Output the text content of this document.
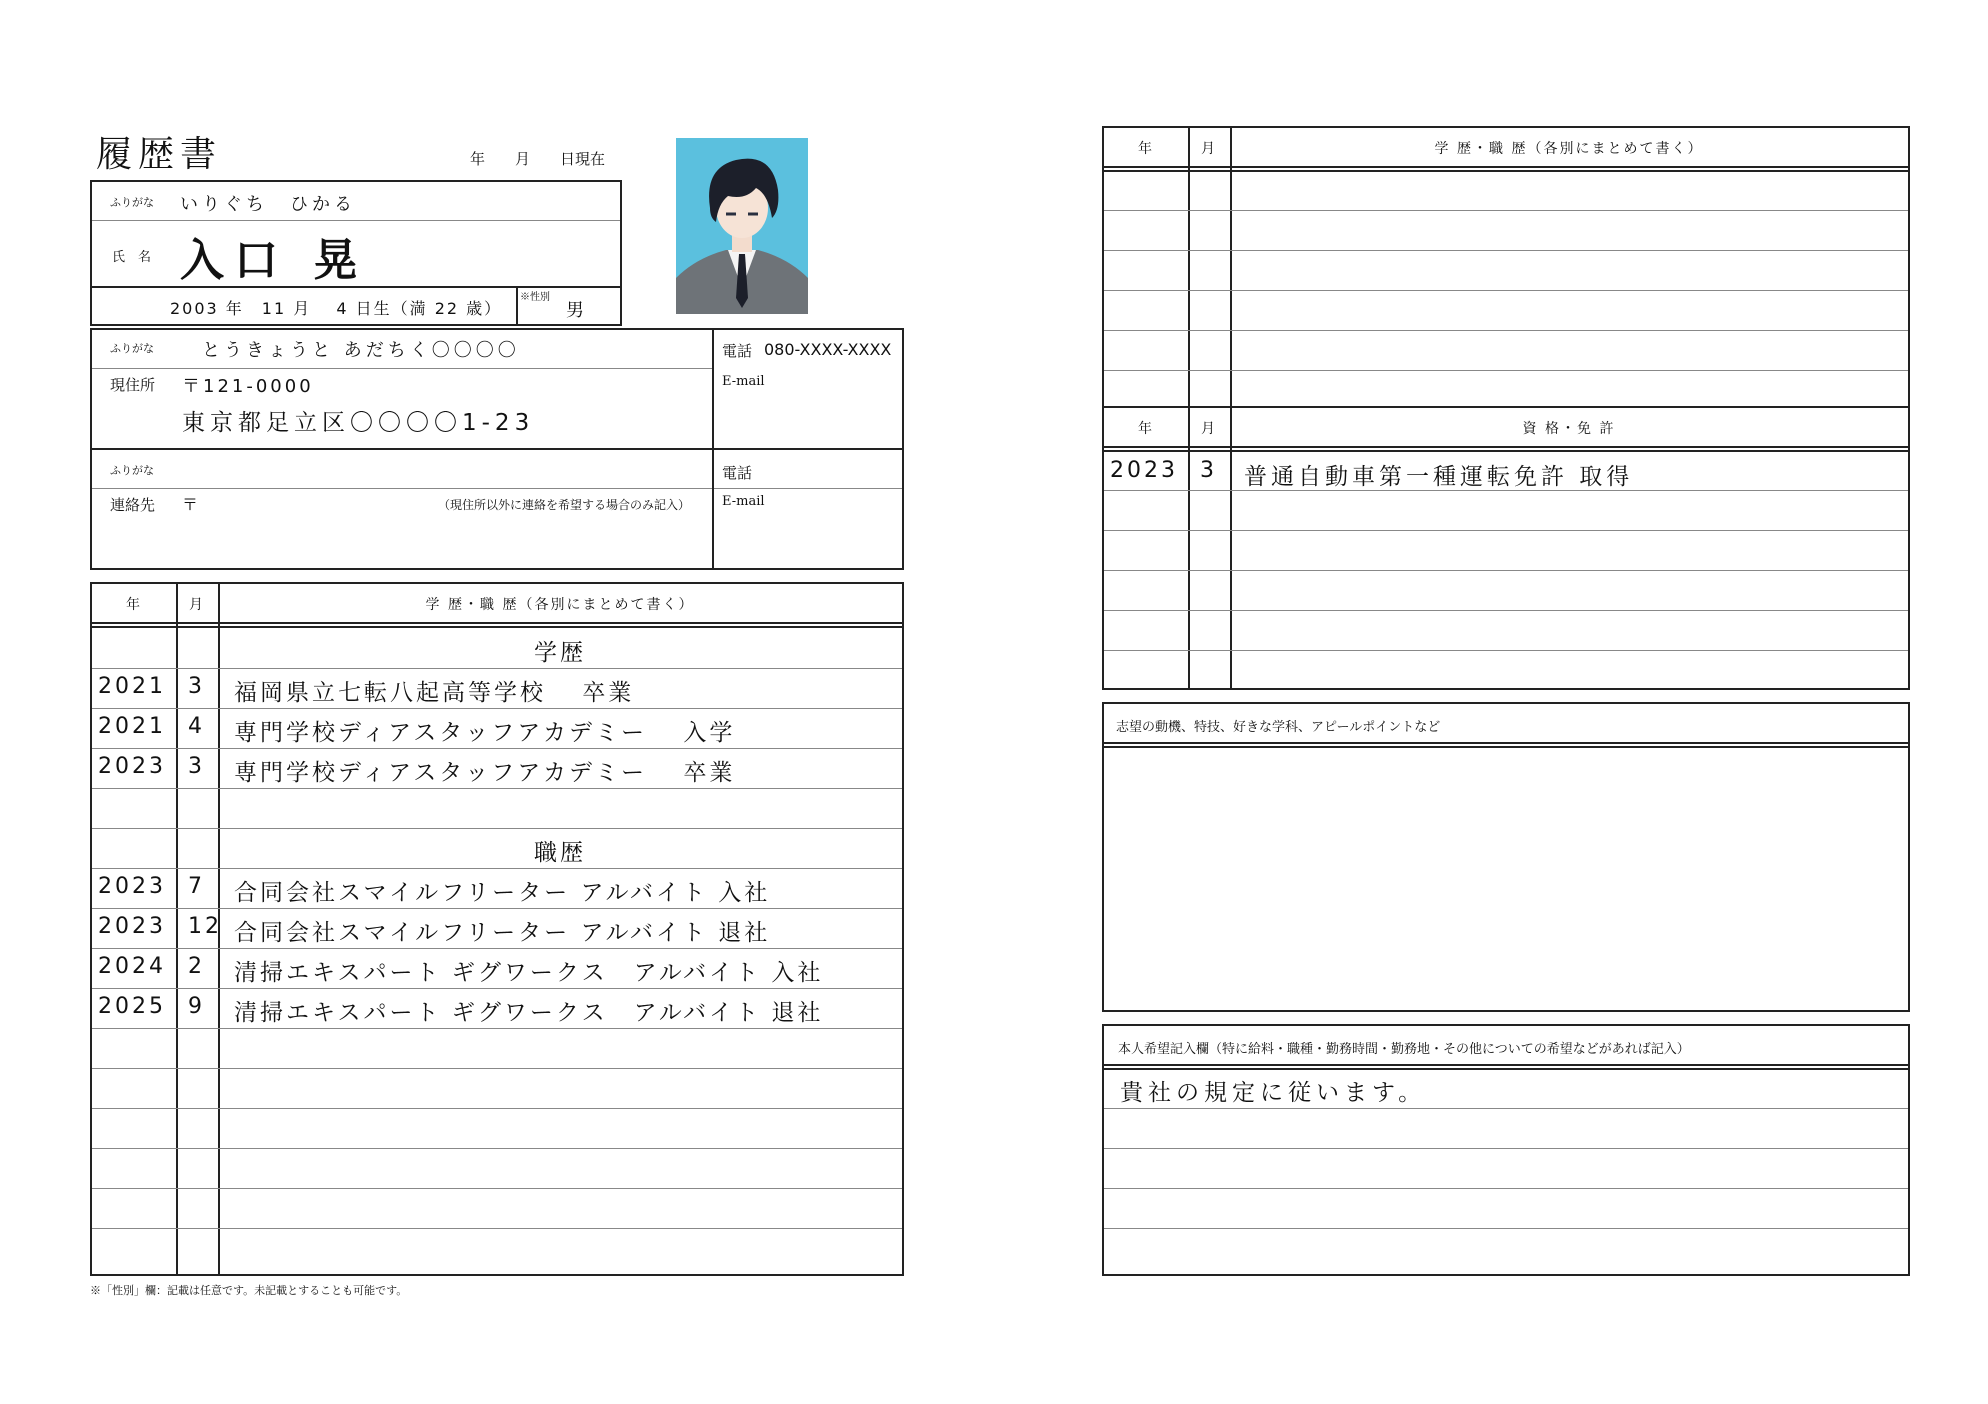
履歴書	年　　月　　日現在
ふりがな いりぐち　ひかる
氏　名 入口 晃
2003 年　11 月　 4 日生（満 22 歳）
※性別
男
ふりがな	とうきょうと あだちく〇〇〇〇
現住所 〒121-0000
東京都足立区〇〇〇〇1-23
電話 080-XXXX-XXXX
E-mail
ふりがな
連絡先 〒	（現住所以外に連絡を希望する場合のみ記入）
電話
E-mail
年	月	学 歴・職 歴（各別にまとめて書く）
学歴
2021 3 福岡県立七転八起高等学校　 卒業
2021 4 専門学校ディアスタッフアカデミー　 入学
2023 3 専門学校ディアスタッフアカデミー　 卒業
職歴
2023 7 合同会社スマイルフリーター アルバイト 入社
2023 12 合同会社スマイルフリーター アルバイト 退社
2024 2 清掃エキスパート ギグワークス　アルバイト 入社
2025 9 清掃エキスパート ギグワークス　アルバイト 退社
※「性別」欄：記載は任意です。未記載とすることも可能です。
年	月	学 歴・職 歴（各別にまとめて書く）
年	月	資 格・免 許
2023 3 普通自動車第一種運転免許 取得
志望の動機、特技、好きな学科、アピールポイントなど
本人希望記入欄（特に給料・職種・勤務時間・勤務地・その他についての希望などがあれば記入）
貴社の規定に従います。
